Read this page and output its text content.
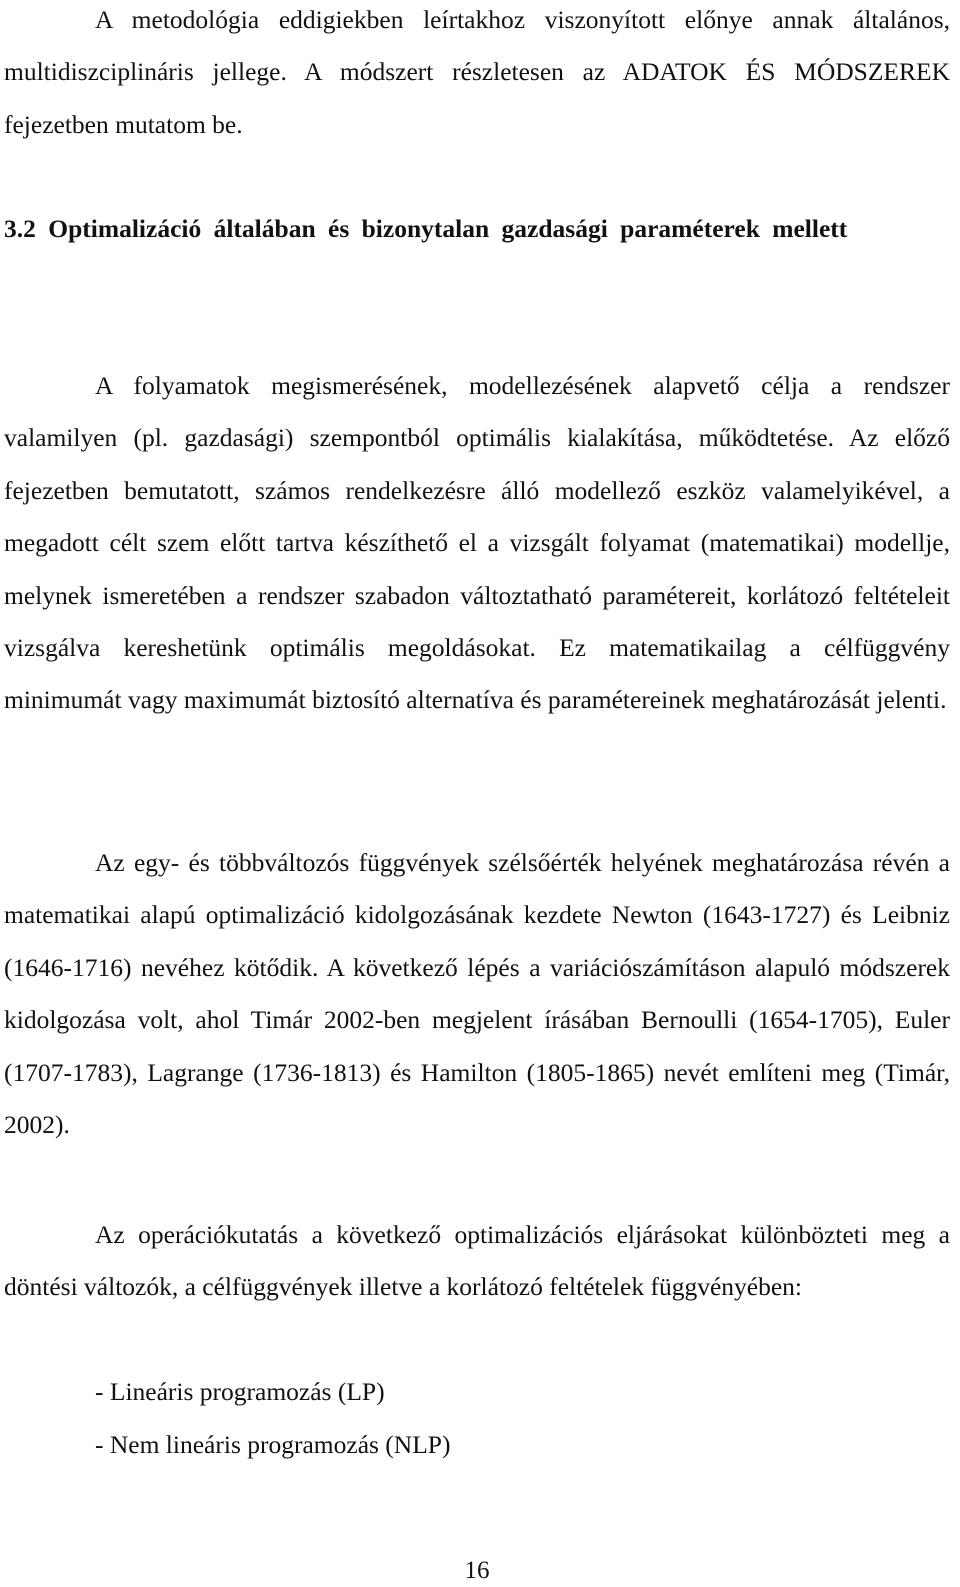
A metodológia eddigiekben leírtakhoz viszonyított előnye annak általános, multidiszciplináris jellege. A módszert részletesen az ADATOK ÉS MÓDSZEREK fejezetben mutatom be.

3.2 Optimalizáció általában és bizonytalan gazdasági paraméterek mellett

A folyamatok megismerésének, modellezésének alapvető célja a rendszer valamilyen (pl. gazdasági) szempontból optimális kialakítása, működtetése. Az előző fejezetben bemutatott, számos rendelkezésre álló modellező eszköz valamelyikével, a megadott célt szem előtt tartva készíthető el a vizsgált folyamat (matematikai) modellje, melynek ismeretében a rendszer szabadon változtatható paramétereit, korlátozó feltételeit vizsgálva kereshetünk optimális megoldásokat. Ez matematikailag a célfüggvény minimumát vagy maximumát biztosító alternatíva és paramétereinek meghatározását jelenti.

Az egy- és többváltozós függvények szélsőérték helyének meghatározása révén a matematikai alapú optimalizáció kidolgozásának kezdete Newton (1643-1727) és Leibniz (1646-1716) nevéhez kötődik. A következő lépés a variációszámításon alapuló módszerek kidolgozása volt, ahol Timár 2002-ben megjelent írásában Bernoulli (1654-1705), Euler (1707-1783), Lagrange (1736-1813) és Hamilton (1805-1865) nevét említeni meg (Timár, 2002).

Az operációkutatás a következő optimalizációs eljárásokat különbözteti meg a döntési változók, a célfüggvények illetve a korlátozó feltételek függvényében:

- Lineáris programozás (LP)

- Nem lineáris programozás (NLP)

16
